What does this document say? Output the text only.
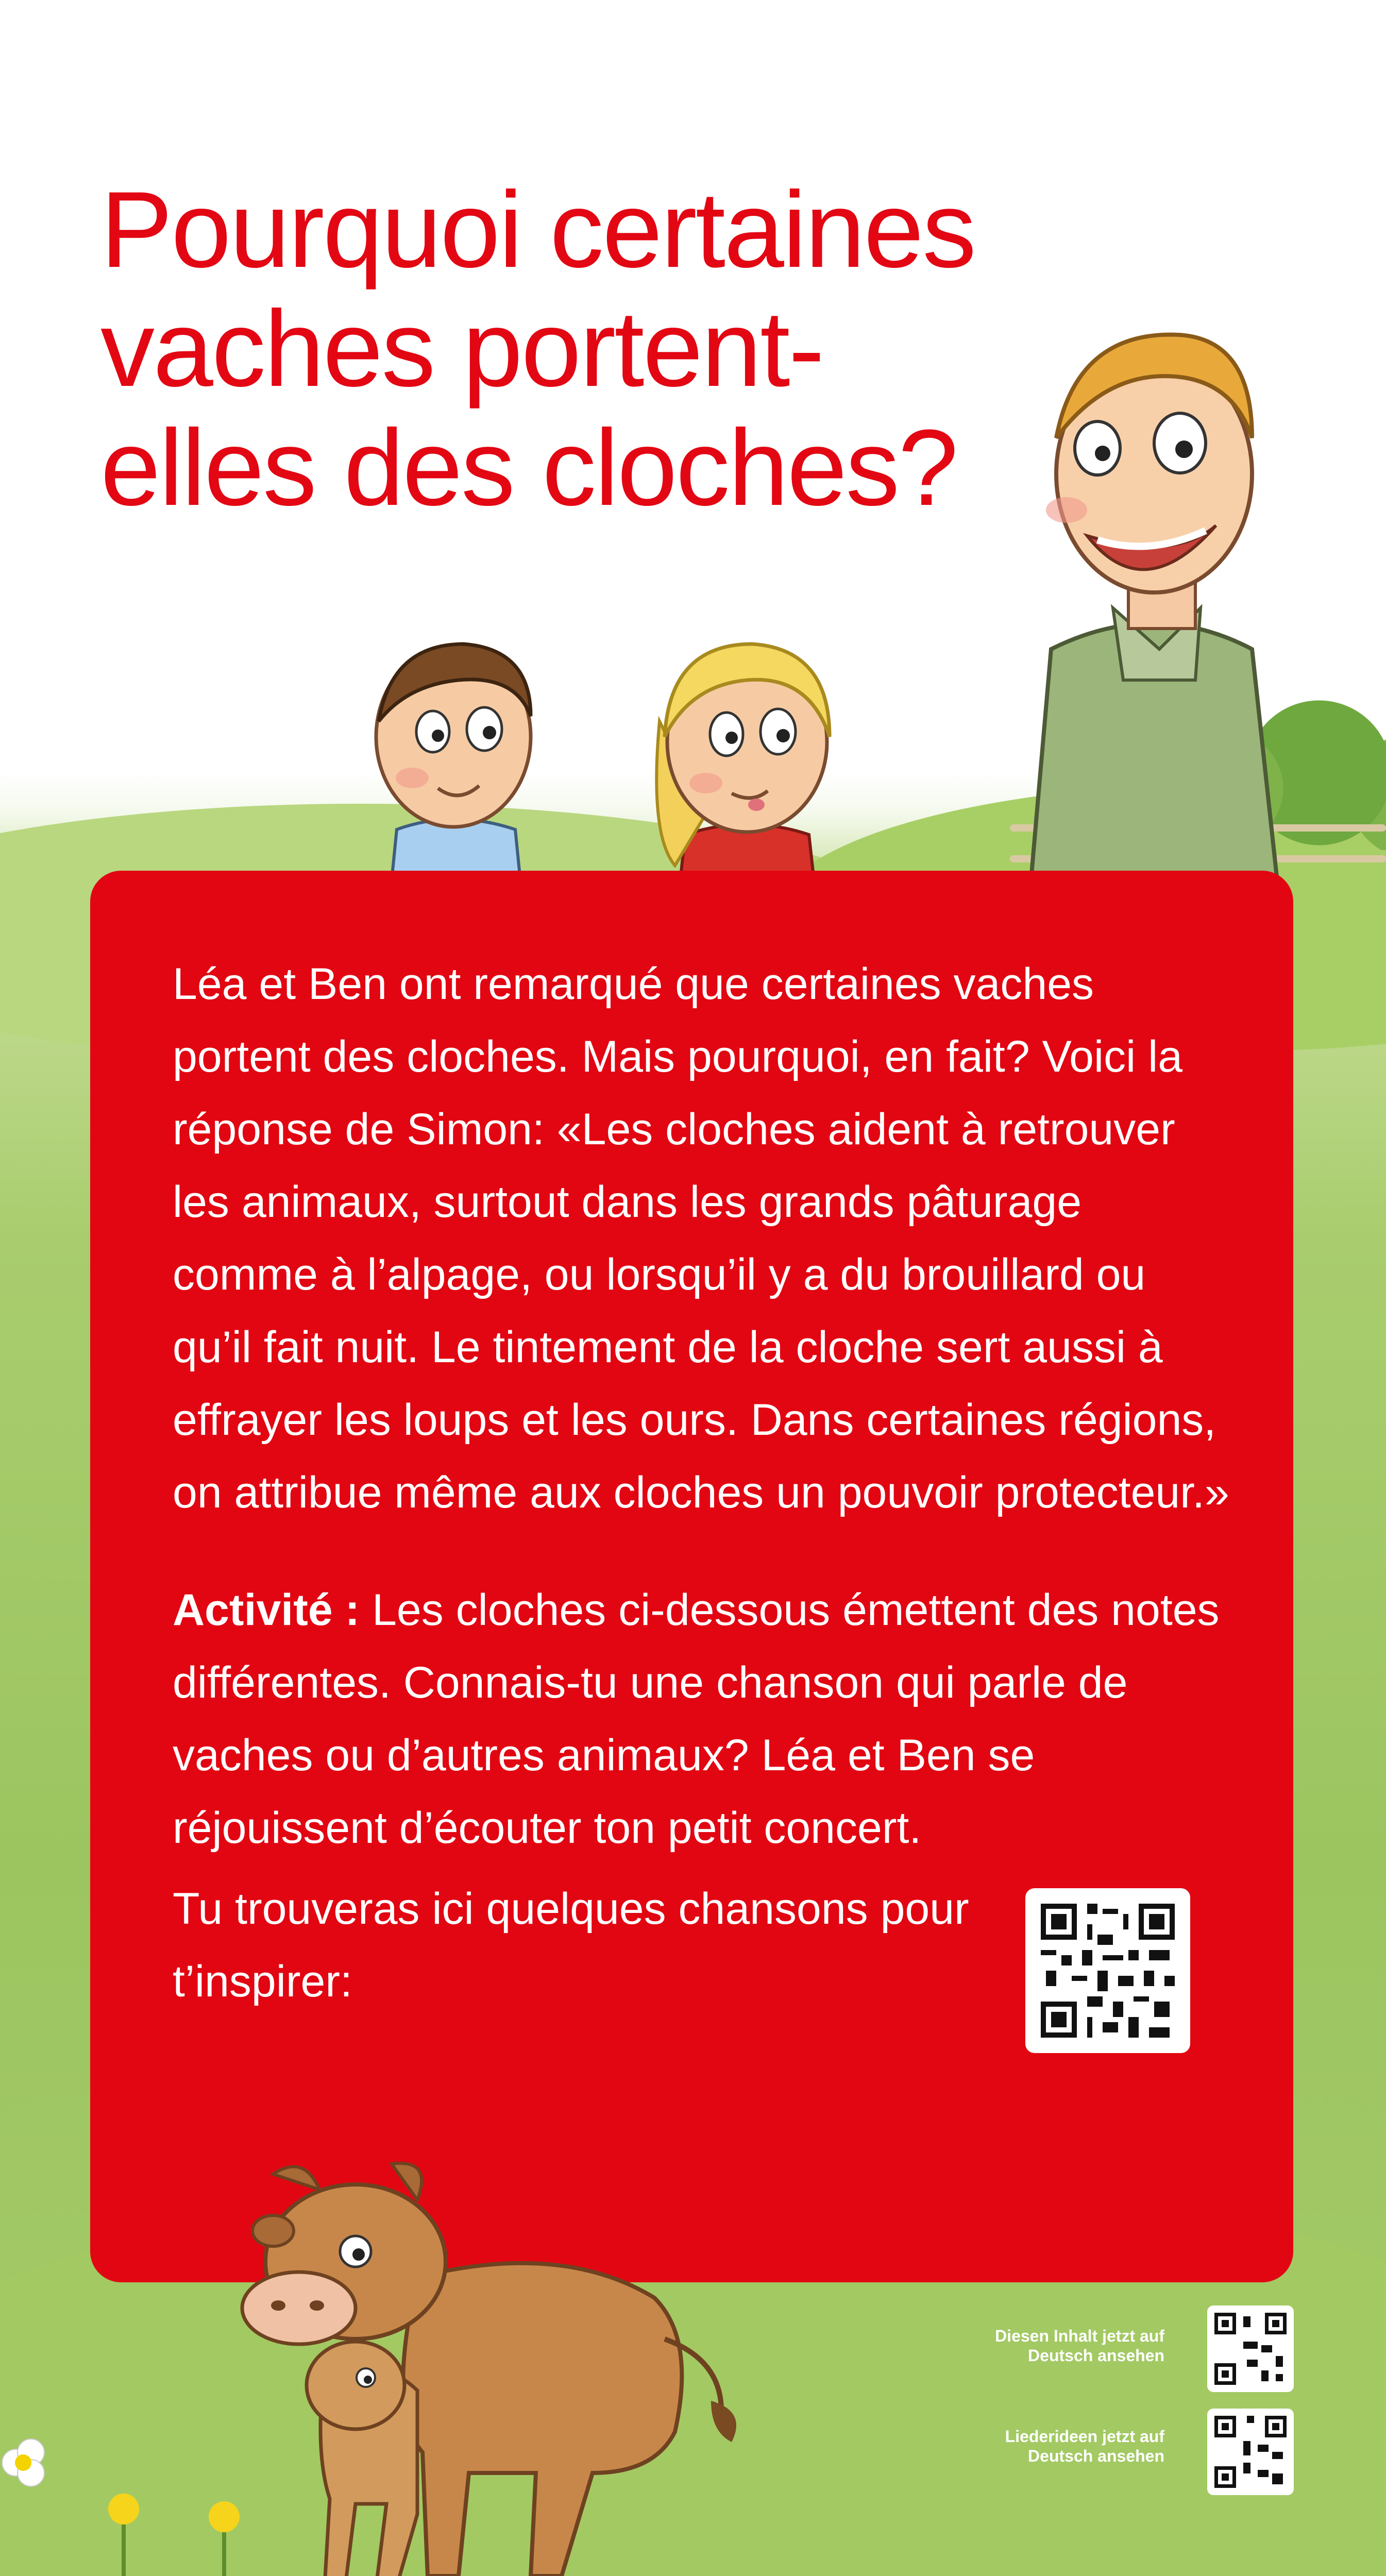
Pourquoi certaines
vaches portent-
elles des cloches?
Léa et Ben ont remarqué que certaines vaches portent des cloches. Mais pourquoi, en fait? Voici la réponse de Simon: «Les cloches aident à retrouver les animaux, surtout dans les grands pâturage comme à l’alpage, ou lorsqu’il y a du brouillard ou qu’il fait nuit. Le tintement de la cloche sert aussi à effrayer les loups et les ours. Dans certaines régions, on attribue même aux cloches un pouvoir protecteur.»
Activité : Les cloches ci-dessous émettent des notes différentes. Connais-tu une chanson qui parle de vaches ou d’autres animaux? Léa et Ben se réjouissent d’écouter ton petit concert.
Tu trouveras ici quelques chansons pour t’inspirer:
Diesen Inhalt jetzt auf Deutsch ansehen
Liederideen jetzt auf Deutsch ansehen
